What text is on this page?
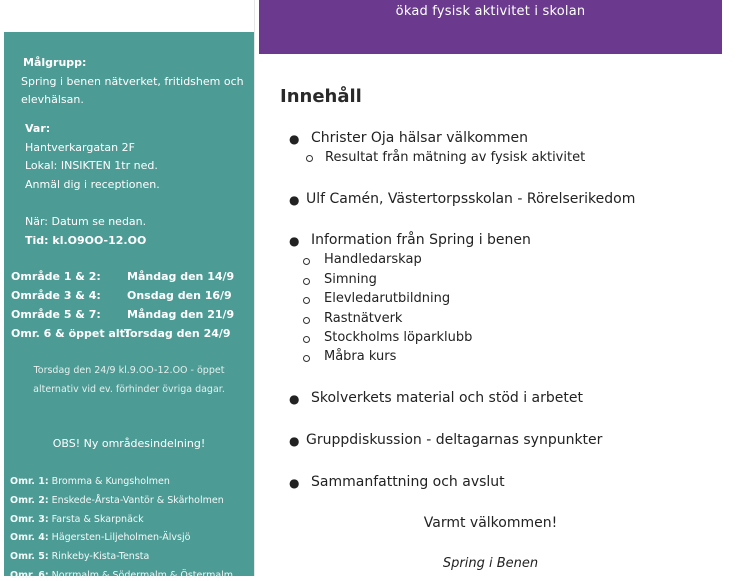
ökad fysisk aktivitet i skolan
Målgrupp:
Spring i benen nätverket, fritidshem och
elevhälsan.
Var:
Hantverkargatan 2F
Lokal: INSIKTEN 1tr ned.
Anmäl dig i receptionen.
När: Datum se nedan.
Tid: kl.O9OO-12.OO
Område 1 & 2: Måndag den 14/9
Område 3 & 4: Onsdag den 16/9
Område 5 & 7: Måndag den 21/9
Omr. 6 & öppet alt:
Torsdag den 24/9
Torsdag den 24/9 kl.9.OO-12.OO - öppet
alternativ vid ev. förhinder övriga dagar.
OBS! Ny områdesindelning!
Omr. 1: Bromma & Kungsholmen
Omr. 2: Enskede-Årsta-Vantör & Skärholmen
Omr. 3: Farsta & Skarpnäck
Omr. 4: Hägersten-Liljeholmen-Älvsjö
Omr. 5: Rinkeby-Kista-Tensta
Omr. 6: Norrmalm & Södermalm & Östermalm
Innehåll
● Christer Oja hälsar välkommen
Resultat från mätning av fysisk aktivitet
● Ulf Camén, Västertorpsskolan - Rörelserikedom
● Information från Spring i benen
Handledarskap
Simning
Elevledarutbildning
Rastnätverk
Stockholms löparklubb
Måbra kurs
● Skolverkets material och stöd i arbetet
● Gruppdiskussion - deltagarnas synpunkter
● Sammanfattning och avslut
Varmt välkommen!
Spring i Benen
